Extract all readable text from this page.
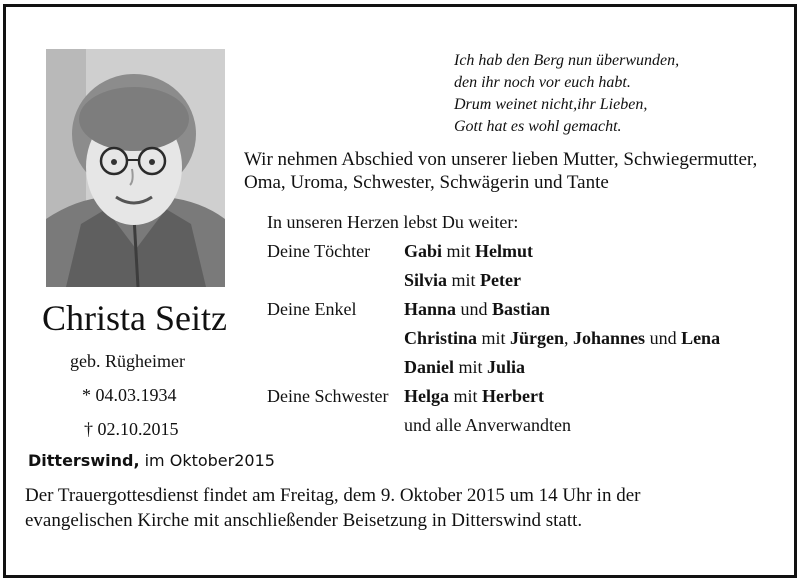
Ich hab den Berg nun überwunden,
den ihr noch vor euch habt.
Drum weinet nicht,ihr Lieben,
Gott hat es wohl gemacht.
Wir nehmen Abschied von unserer lieben Mutter, Schwiegermutter,
Oma, Uroma, Schwester, Schwägerin und Tante
Christa Seitz
geb. Rügheimer
* 04.03.1934
† 02.10.2015
In unseren Herzen lebst Du weiter:
Deine Töchter Gabi mit Helmut
Silvia mit Peter
Deine Enkel	Hanna und Bastian
Christina mit Jürgen, Johannes und Lena
Daniel mit Julia
Deine Schwester Helga mit Herbert
und alle Anverwandten
Ditterswind, im Oktober2015
Der Trauergottesdienst findet am Freitag, dem 9. Oktober 2015 um 14 Uhr in der
evangelischen Kirche mit anschließender Beisetzung in Ditterswind statt.
